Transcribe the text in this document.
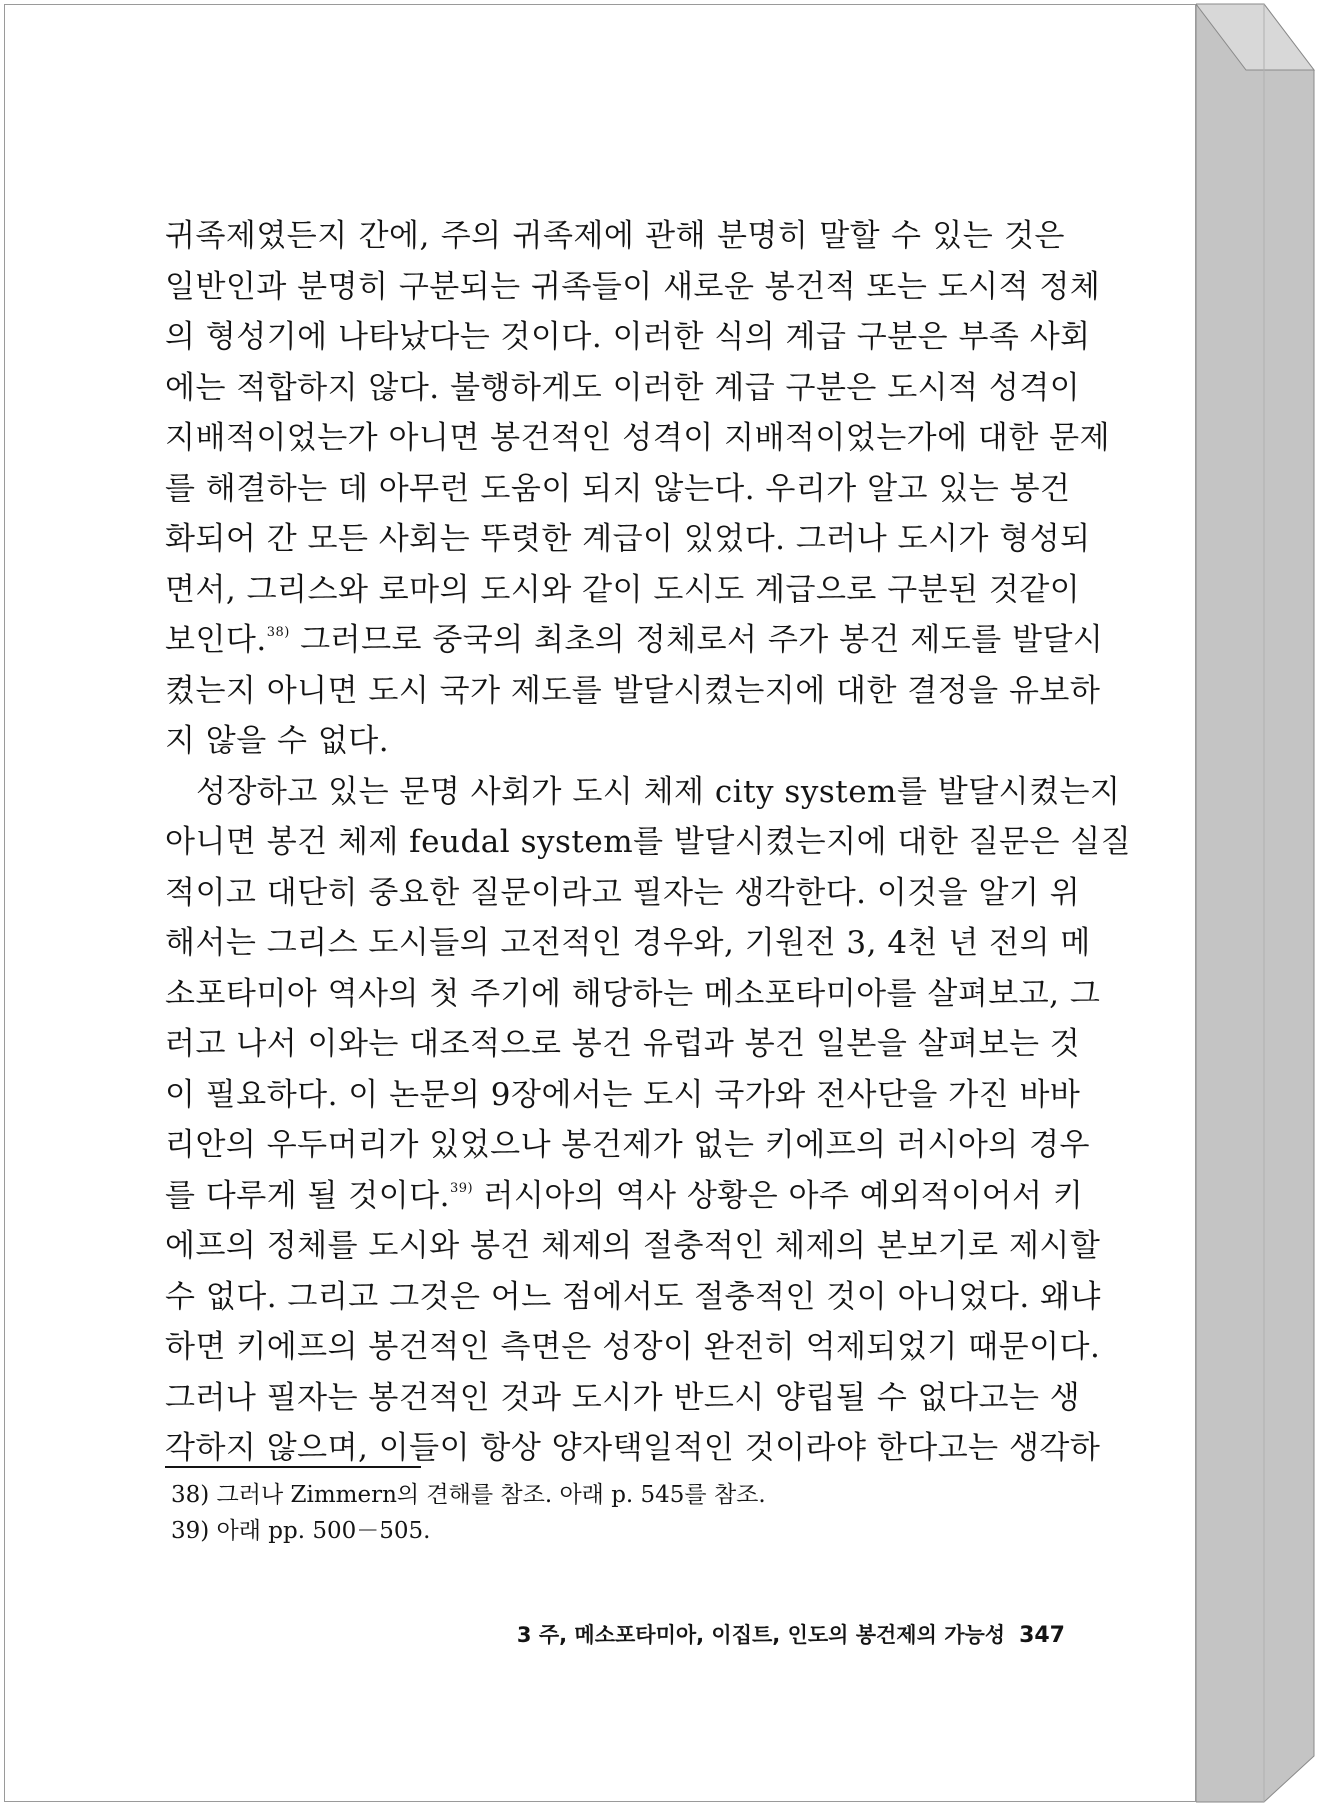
귀족제였든지 간에, 주의 귀족제에 관해 분명히 말할 수 있는 것은
일반인과 분명히 구분되는 귀족들이 새로운 봉건적 또는 도시적 정체
의 형성기에 나타났다는 것이다. 이러한 식의 계급 구분은 부족 사회
에는 적합하지 않다. 불행하게도 이러한 계급 구분은 도시적 성격이
지배적이었는가 아니면 봉건적인 성격이 지배적이었는가에 대한 문제
를 해결하는 데 아무런 도움이 되지 않는다. 우리가 알고 있는 봉건
화되어 간 모든 사회는 뚜렷한 계급이 있었다. 그러나 도시가 형성되
면서, 그리스와 로마의 도시와 같이 도시도 계급으로 구분된 것같이
보인다.$^{38)}$ 그러므로 중국의 최초의 정체로서 주가 봉건 제도를 발달시
켰는지 아니면 도시 국가 제도를 발달시켰는지에 대한 결정을 유보하
지 않을 수 없다.

성장하고 있는 문명 사회가 도시 체제 city system를 발달시켰는지
아니면 봉건 체제 feudal system를 발달시켰는지에 대한 질문은 실질
적이고 대단히 중요한 질문이라고 필자는 생각한다. 이것을 알기 위
해서는 그리스 도시들의 고전적인 경우와, 기원전 3, 4천 년 전의 메
소포타미아 역사의 첫 주기에 해당하는 메소포타미아를 살펴보고, 그
러고 나서 이와는 대조적으로 봉건 유럽과 봉건 일본을 살펴보는 것
이 필요하다. 이 논문의 9장에서는 도시 국가와 전사단을 가진 바바
리안의 우두머리가 있었으나 봉건제가 없는 키에프의 러시아의 경우
를 다루게 될 것이다.$^{39)}$ 러시아의 역사 상황은 아주 예외적이어서 키
에프의 정체를 도시와 봉건 체제의 절충적인 체제의 본보기로 제시할
수 없다. 그리고 그것은 어느 점에서도 절충적인 것이 아니었다. 왜냐
하면 키에프의 봉건적인 측면은 성장이 완전히 억제되었기 때문이다.
그러나 필자는 봉건적인 것과 도시가 반드시 양립될 수 없다고는 생
각하지 않으며, 이들이 항상 양자택일적인 것이라야 한다고는 생각하

38) 그러나 Zimmern의 견해를 참조. 아래 p. 545를 참조.
39) 아래 pp. 500－505.
3 주, 메소포타미아, 이집트, 인도의 봉건제의 가능성 347
